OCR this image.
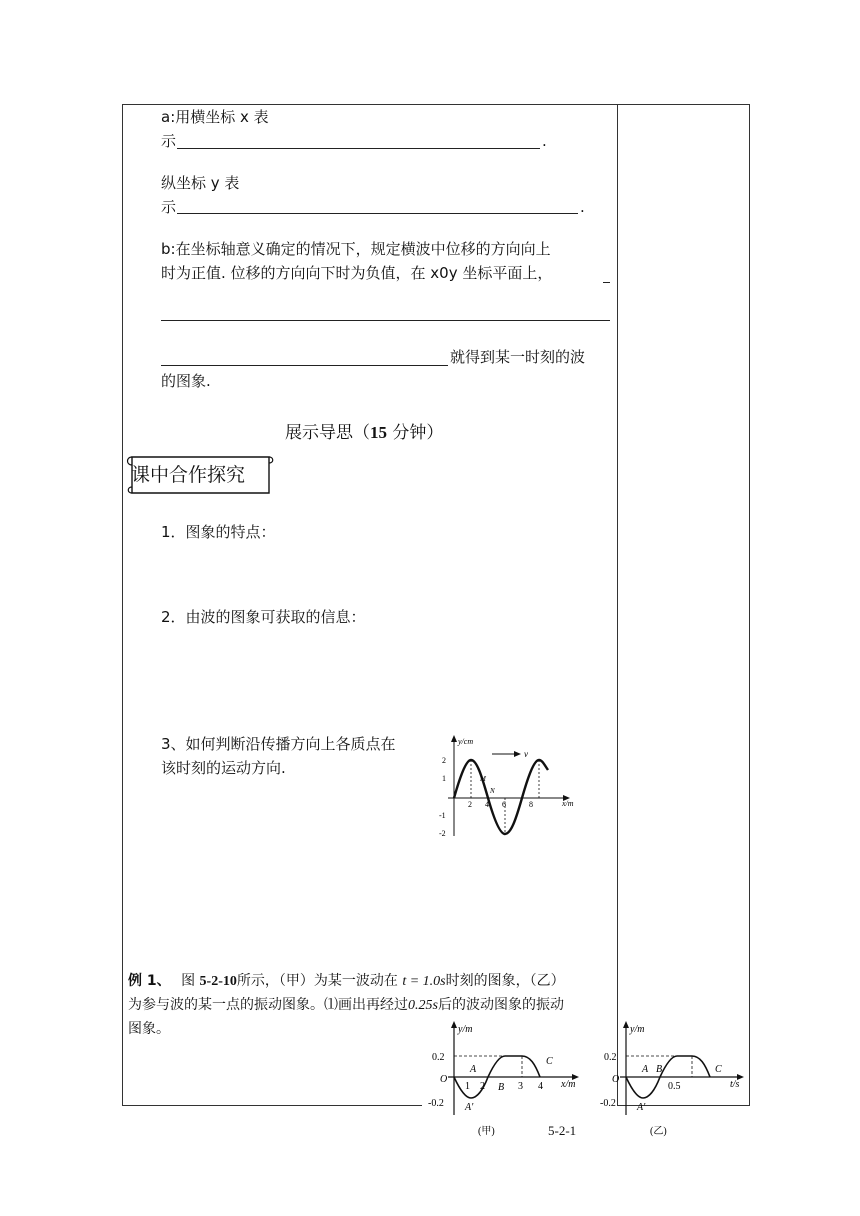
a:用横坐标 x 表
示	.
纵坐标 y 表
示	.
b:在坐标轴意义确定的情况下，规定横波中位移的方向向上
时为正值. 位移的方向向下时为负值，在 x0y 坐标平面上，
就得到某一时刻的波
的图象.
展示导思（15 分钟）
课中合作探究
1．图象的特点：
2．由波的图象可获取的信息：
3、如何判断沿传播方向上各质点在
该时刻的运动方向.
y/cm
x/m
v
M
N
2 4 6	8
2
1
-1
-2
例 1、 图 5-2-10所示，（甲）为某一波动在 t = 1.0s时刻的图象，（乙）
为参与波的某一点的振动图象。⑴画出再经过0.25s后的波动图象的振动
图象。	y/m
x/m
O
0.2
-0.2
A
A'
B
C
1 2	3 4
(甲)	5-2-1
y/m
t/s
O
0.2
-0.2
A
A'
B	C
0.5
(乙)
